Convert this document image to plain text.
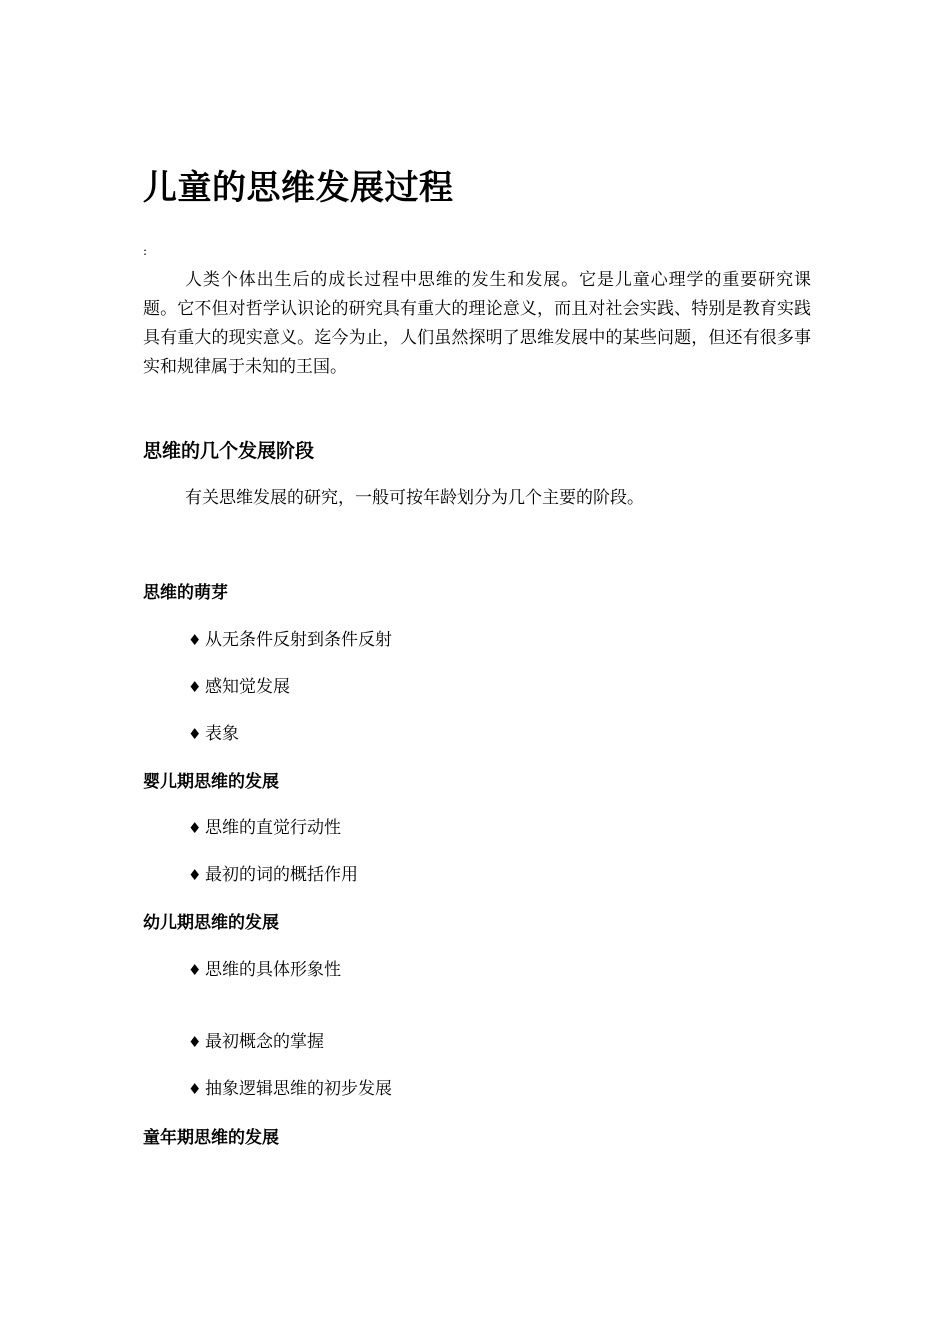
儿童的思维发展过程
:

人类个体出生后的成长过程中思维的发生和发展。它是儿童心理学的重要研究课题。它不但对哲学认识论的研究具有重大的理论意义，而且对社会实践、特别是教育实践具有重大的现实意义。迄今为止，人们虽然探明了思维发展中的某些问题，但还有很多事实和规律属于未知的王国。

思维的几个发展阶段

有关思维发展的研究，一般可按年龄划分为几个主要的阶段。

思维的萌芽
♦ 从无条件反射到条件反射
♦ 感知觉发展
♦ 表象
婴儿期思维的发展
♦ 思维的直觉行动性
♦ 最初的词的概括作用
幼儿期思维的发展
♦ 思维的具体形象性
♦ 最初概念的掌握
♦ 抽象逻辑思维的初步发展
童年期思维的发展
